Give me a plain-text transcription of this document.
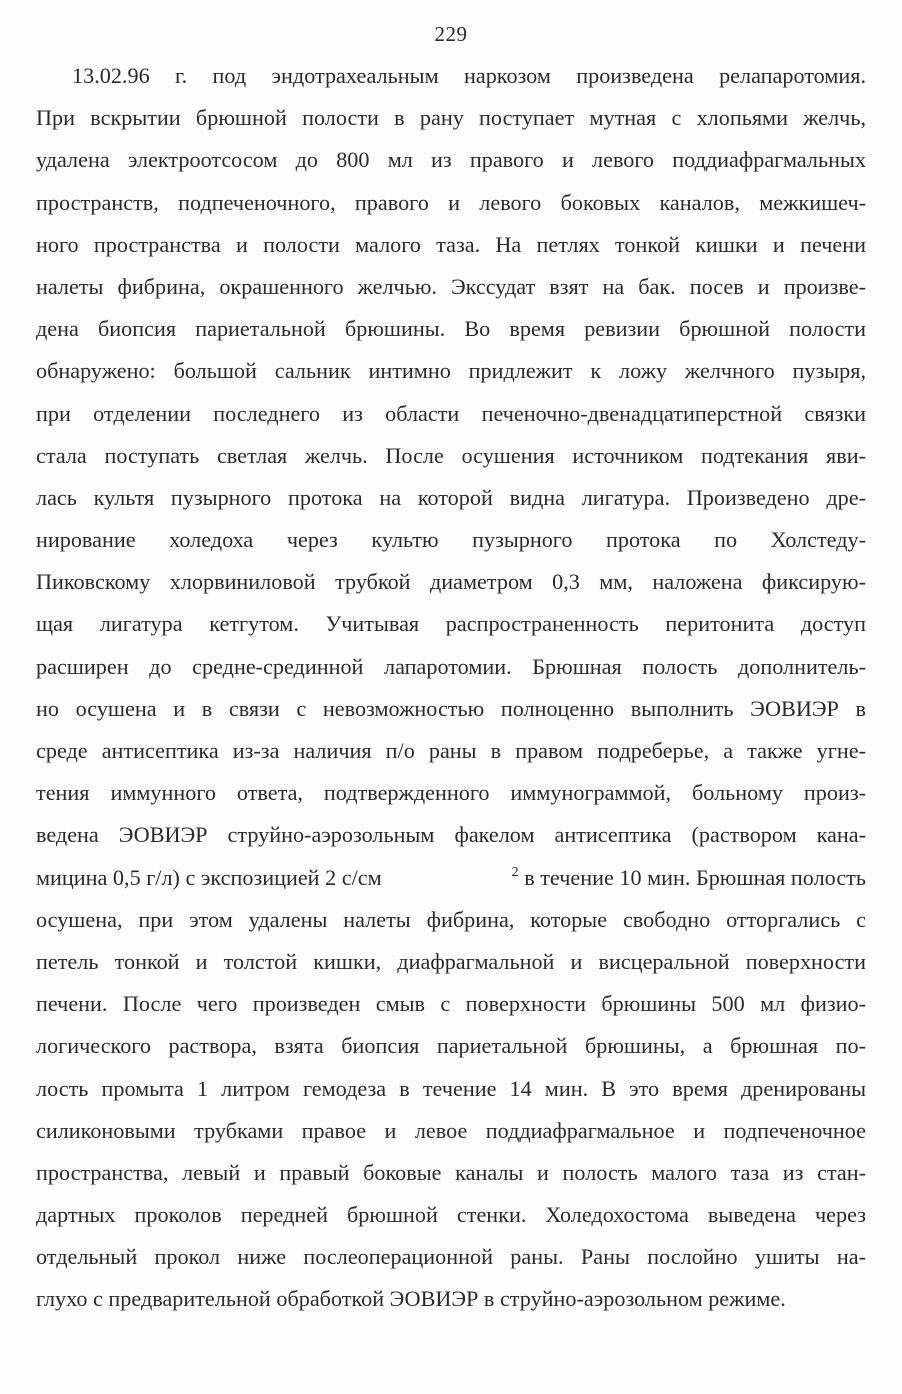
229
13.02.96 г. под эндотрахеальным наркозом произведена релапаротомия.
При вскрытии брюшной полости в рану поступает мутная с хлопьями желчь,
удалена электроотсосом до 800 мл из правого и левого поддиафрагмальных
пространств, подпеченочного, правого и левого боковых каналов, межкишеч-
ного пространства и полости малого таза. На петлях тонкой кишки и печени
налеты фибрина, окрашенного желчью. Экссудат взят на бак. посев и произве-
дена биопсия париетальной брюшины. Во время ревизии брюшной полости
обнаружено: большой сальник интимно придлежит к ложу желчного пузыря,
при отделении последнего из области печеночно-двенадцатиперстной связки
стала поступать светлая желчь. После осушения источником подтекания яви-
лась культя пузырного протока на которой видна лигатура. Произведено дре-
нирование холедоха через культю пузырного протока по Холстеду-
Пиковскому хлорвиниловой трубкой диаметром 0,3 мм, наложена фиксирую-
щая лигатура кетгутом. Учитывая распространенность перитонита доступ
расширен до средне-срединной лапаротомии. Брюшная полость дополнитель-
но осушена и в связи с невозможностью полноценно выполнить ЭОВИЭР в
среде антисептика из-за наличия п/о раны в правом подреберье, а также угне-
тения иммунного ответа, подтвержденного иммунограммой, больному произ-
ведена ЭОВИЭР струйно-аэрозольным факелом антисептика (раствором кана-
мицина 0,5 г/л) с экспозицией 2 с/см	$^2$ в течение 10 мин. Брюшная полость
осушена, при этом удалены налеты фибрина, которые свободно отторгались с
петель тонкой и толстой кишки, диафрагмальной и висцеральной поверхности
печени. После чего произведен смыв с поверхности брюшины 500 мл физио-
логического раствора, взята биопсия париетальной брюшины, а брюшная по-
лость промыта 1 литром гемодеза в течение 14 мин. В это время дренированы
силиконовыми трубками правое и левое поддиафрагмальное и подпеченочное
пространства, левый и правый боковые каналы и полость малого таза из стан-
дартных проколов передней брюшной стенки. Холедохостома выведена через
отдельный прокол ниже послеоперационной раны. Раны послойно ушиты на-
глухо с предварительной обработкой ЭОВИЭР в струйно-аэрозольном режиме.
